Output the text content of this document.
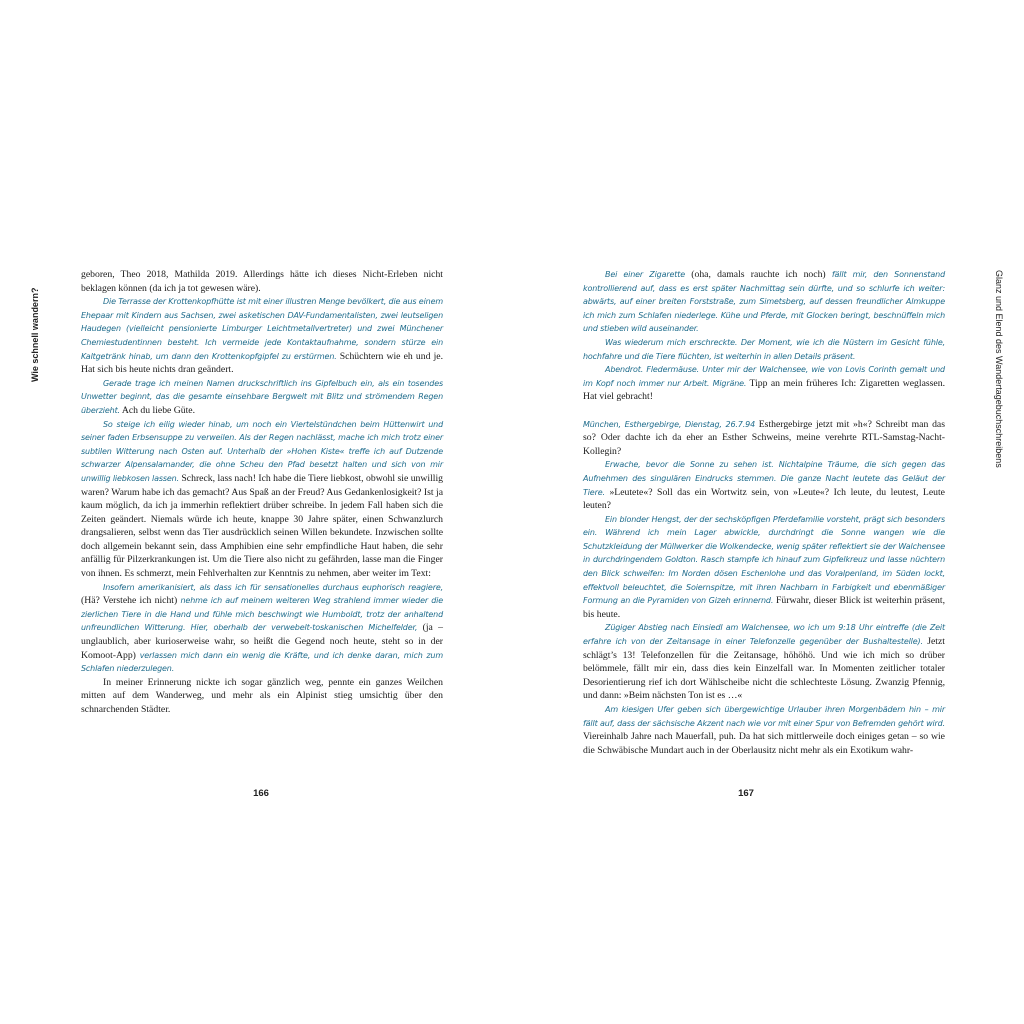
Wie schnell wandern?	Glanz und Elend des Wandertagebuchschreibens

geboren, Theo 2018, Mathilda 2019. Allerdings hätte ich dieses Nicht-Erleben nicht beklagen können (da ich ja tot gewesen wäre).

Die Terrasse der Krottenkopfhütte ist mit einer illustren Menge bevölkert, die aus einem Ehepaar mit Kindern aus Sachsen, zwei asketischen DAV-Fundamentalisten, zwei leutseligen Haudegen (vielleicht pensionierte Limburger Leichtmetallvertreter) und zwei Münchener Chemiestudentinnen besteht. Ich vermeide jede Kontaktaufnahme, sondern stürze ein Kaltgetränk hinab, um dann den Krottenkopfgipfel zu erstürmen. Schüchtern wie eh und je. Hat sich bis heute nichts dran geändert.

Gerade trage ich meinen Namen druckschriftlich ins Gipfelbuch ein, als ein tosendes Unwetter beginnt, das die gesamte einsehbare Bergwelt mit Blitz und strömendem Regen überzieht. Ach du liebe Güte.

So steige ich eilig wieder hinab, um noch ein Viertelstündchen beim Hüttenwirt und seiner faden Erbsensuppe zu verweilen. Als der Regen nachlässt, mache ich mich trotz einer subtilen Witterung nach Osten auf. Unterhalb der »Hohen Kiste« treffe ich auf Dutzende schwarzer Alpensalamander, die ohne Scheu den Pfad besetzt halten und sich von mir unwillig liebkosen lassen. Schreck, lass nach! Ich habe die Tiere liebkost, obwohl sie unwillig waren? Warum habe ich das gemacht? Aus Spaß an der Freud? Aus Gedankenlosigkeit? Ist ja kaum möglich, da ich ja immerhin reflektiert drüber schreibe. In jedem Fall haben sich die Zeiten geändert. Niemals würde ich heute, knappe 30 Jahre später, einen Schwanzlurch drangsalieren, selbst wenn das Tier ausdrücklich seinen Willen bekundete. Inzwischen sollte doch allgemein bekannt sein, dass Amphibien eine sehr empfindliche Haut haben, die sehr anfällig für Pilzerkrankungen ist. Um die Tiere also nicht zu gefährden, lasse man die Finger von ihnen. Es schmerzt, mein Fehlverhalten zur Kenntnis zu nehmen, aber weiter im Text:

Insofern amerikanisiert, als dass ich für sensationelles durchaus euphorisch reagiere, (Hä? Verstehe ich nicht) nehme ich auf meinem weiteren Weg strahlend immer wieder die zierlichen Tiere in die Hand und fühle mich beschwingt wie Humboldt, trotz der anhaltend unfreundlichen Witterung. Hier, oberhalb der verwebelt-toskanischen Michelfelder, (ja – unglaublich, aber kurioserweise wahr, so heißt die Gegend noch heute, steht so in der Komoot-App) verlassen mich dann ein wenig die Kräfte, und ich denke daran, mich zum Schlafen niederzulegen.

In meiner Erinnerung nickte ich sogar gänzlich weg, pennte ein ganzes Weilchen mitten auf dem Wanderweg, und mehr als ein Alpinist stieg umsichtig über den schnarchenden Städter.

Bei einer Zigarette (oha, damals rauchte ich noch) fällt mir, den Sonnenstand kontrollierend auf, dass es erst später Nachmittag sein dürfte, und so schlurfe ich weiter: abwärts, auf einer breiten Forststraße, zum Simetsberg, auf dessen freundlicher Almkuppe ich mich zum Schlafen niederlege. Kühe und Pferde, mit Glocken beringt, beschnüffeln mich und stieben wild auseinander.

Was wiederum mich erschreckte. Der Moment, wie ich die Nüstern im Gesicht fühle, hochfahre und die Tiere flüchten, ist weiterhin in allen Details präsent.

Abendrot. Fledermäuse. Unter mir der Walchensee, wie von Lovis Corinth gemalt und im Kopf noch immer nur Arbeit. Migräne. Tipp an mein früheres Ich: Zigaretten weglassen. Hat viel gebracht!

München, Esthergebirge, Dienstag, 26.7.94 Esthergebirge jetzt mit »h«? Schreibt man das so? Oder dachte ich da eher an Esther Schweins, meine verehrte RTL-Samstag-Nacht-Kollegin?

Erwache, bevor die Sonne zu sehen ist. Nichtalpine Träume, die sich gegen das Aufnehmen des singulären Eindrucks stemmen. Die ganze Nacht leutete das Geläut der Tiere. »Leutete«? Soll das ein Wortwitz sein, von »Leute«? Ich leute, du leutest, Leute leuten?

Ein blonder Hengst, der der sechsköpfigen Pferdefamilie vorsteht, prägt sich besonders ein. Während ich mein Lager abwickle, durchdringt die Sonne wangen wie die Schutzkleidung der Müllwerker die Wolkendecke, wenig später reflektiert sie der Walchensee in durchdringendem Goldton. Rasch stampfe ich hinauf zum Gipfelkreuz und lasse nüchtern den Blick schweifen: Im Norden dösen Eschenlohe und das Voralpenland, im Süden lockt, effektvoll beleuchtet, die Soiernspitze, mit ihren Nachbarn in Farbigkeit und ebenmäßiger Formung an die Pyramiden von Gizeh erinnernd. Fürwahr, dieser Blick ist weiterhin präsent, bis heute.

Zügiger Abstieg nach Einsiedl am Walchensee, wo ich um 9:18 Uhr eintreffe (die Zeit erfahre ich von der Zeitansage in einer Telefonzelle gegenüber der Bushaltestelle). Jetzt schlägt’s 13! Telefonzellen für die Zeitansage, höhöhö. Und wie ich mich so drüber belömmele, fällt mir ein, dass dies kein Einzelfall war. In Momenten zeitlicher totaler Desorientierung rief ich dort Wählscheibe nicht die schlechteste Lösung. Zwanzig Pfennig, und dann: »Beim nächsten Ton ist es …«

Am kiesigen Ufer geben sich übergewichtige Urlauber ihren Morgenbädern hin – mir fällt auf, dass der sächsische Akzent nach wie vor mit einer Spur von Befremden gehört wird. Viereinhalb Jahre nach Mauerfall, puh. Da hat sich mittlerweile doch einiges getan – so wie die Schwäbische Mundart auch in der Oberlausitz nicht mehr als ein Exotikum wahr-

166	167
